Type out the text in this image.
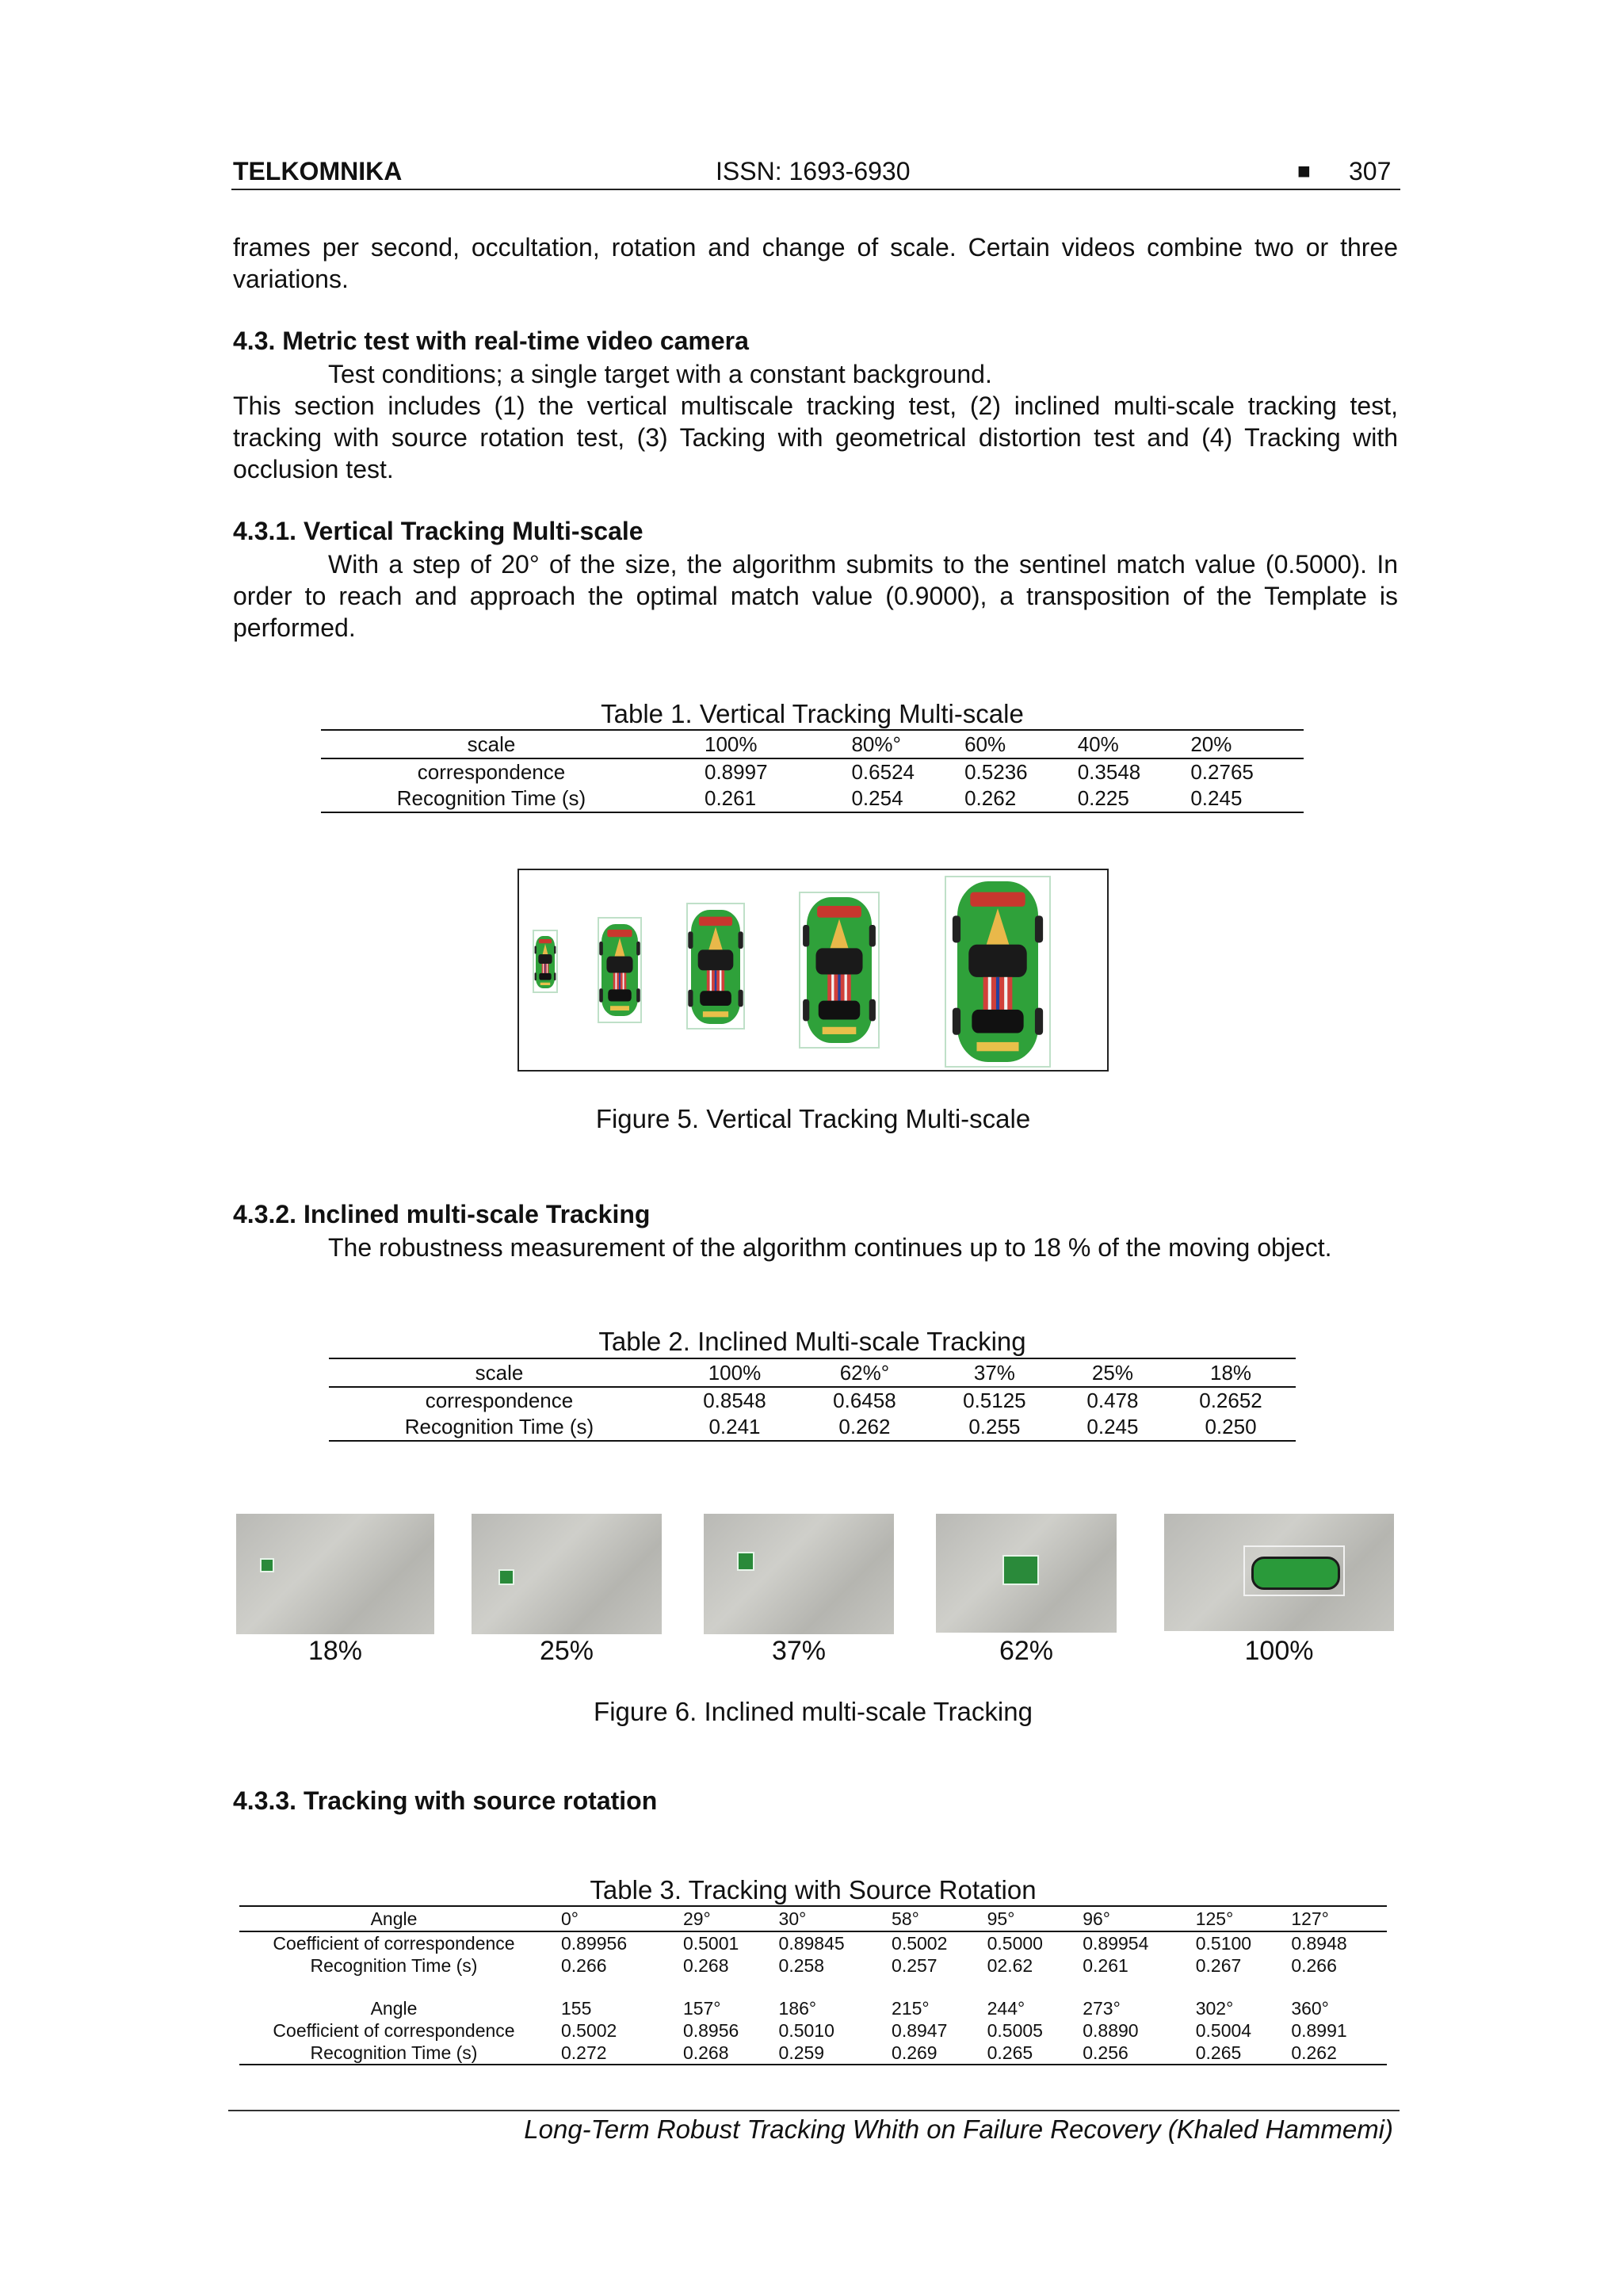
TELKOMNIKA	ISSN: 1693-6930	■ 307

frames per second, occultation, rotation and change of scale. Certain videos combine two or three variations.

4.3. Metric test with real-time video camera

Test conditions; a single target with a constant background.

This section includes (1) the vertical multiscale tracking test, (2) inclined multi-scale tracking test, tracking with source rotation test, (3) Tacking with geometrical distortion test and (4) Tracking with occlusion test.

4.3.1. Vertical Tracking Multi-scale

With a step of 20° of the size, the algorithm submits to the sentinel match value (0.5000). In order to reach and approach the optimal match value (0.9000), a transposition of the Template is performed.

Table 1. Vertical Tracking Multi-scale
scale	100%	80%°	60%	40%	20%
correspondence	0.8997	0.6524	0.5236	0.3548	0.2765
Recognition Time (s)	0.261	0.254	0.262	0.225	0.245
Figure 5. Vertical Tracking Multi-scale
4.3.2. Inclined multi-scale Tracking

The robustness measurement of the algorithm continues up to 18 % of the moving object.

Table 2. Inclined Multi-scale Tracking
scale	100%	62%°	37%	25%	18%
correspondence	0.8548	0.6458	0.5125	0.478	0.2652
Recognition Time (s)	0.241	0.262	0.255	0.245	0.250
18%	25%	37%	62%	100%
Figure 6. Inclined multi-scale Tracking
4.3.3. Tracking with source rotation
Table 3. Tracking with Source Rotation
Angle	0°	29°	30°	58°	95°	96°	125°	127°
Coefficient of correspondence	0.89956	0.5001	0.89845	0.5002	0.5000	0.89954	0.5100	0.8948
Recognition Time (s)	0.266	0.268	0.258	0.257	02.62	0.261	0.267	0.266

Angle	155	157°	186°	215°	244°	273°	302°	360°
Coefficient of correspondence	0.5002	0.8956	0.5010	0.8947	0.5005	0.8890	0.5004	0.8991
Recognition Time (s)	0.272	0.268	0.259	0.269	0.265	0.256	0.265	0.262
Long-Term Robust Tracking Whith on Failure Recovery (Khaled Hammemi)
